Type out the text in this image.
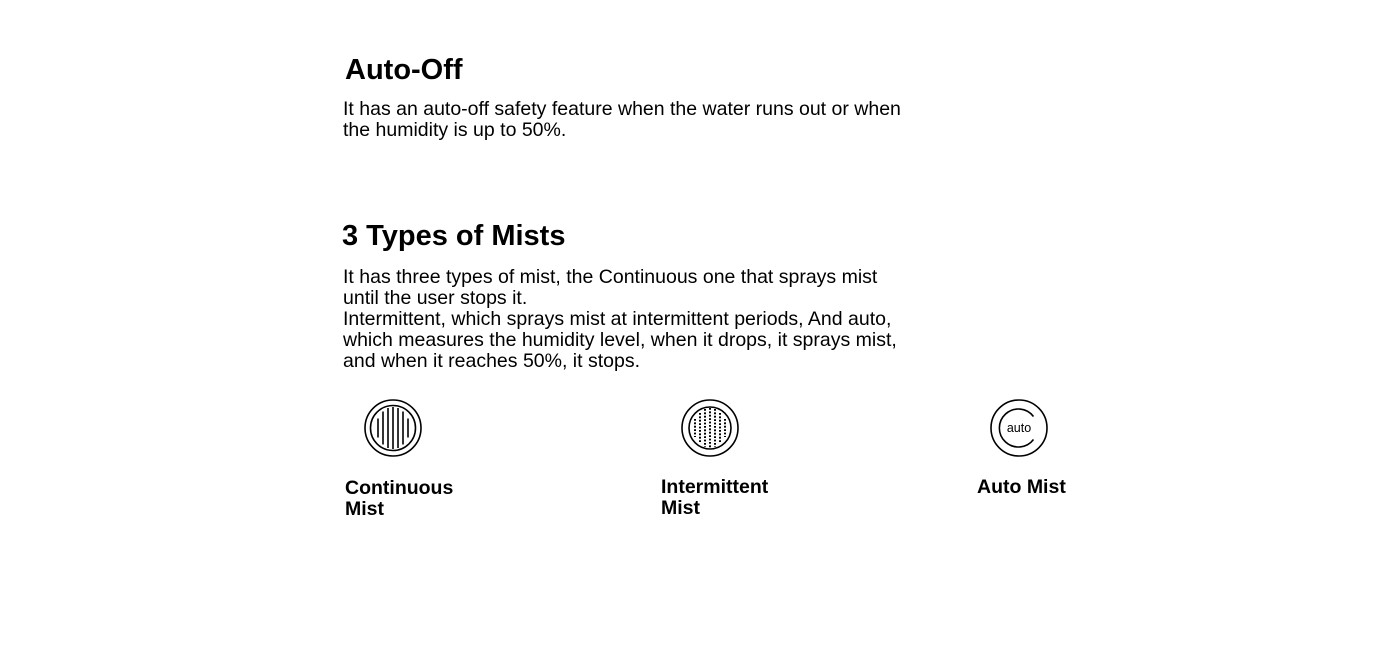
Auto-Off

It has an auto-off safety feature when the water runs out or when the humidity is up to 50%.

3 Types of Mists

It has three types of mist, the Continuous one that sprays mist until the user stops it.

Intermittent, which sprays mist at intermittent periods, And auto, which measures the humidity level, when it drops, it sprays mist, and when it reaches 50%, it stops.

Continuous
Mist
Intermittent
Mist
auto
Auto Mist
